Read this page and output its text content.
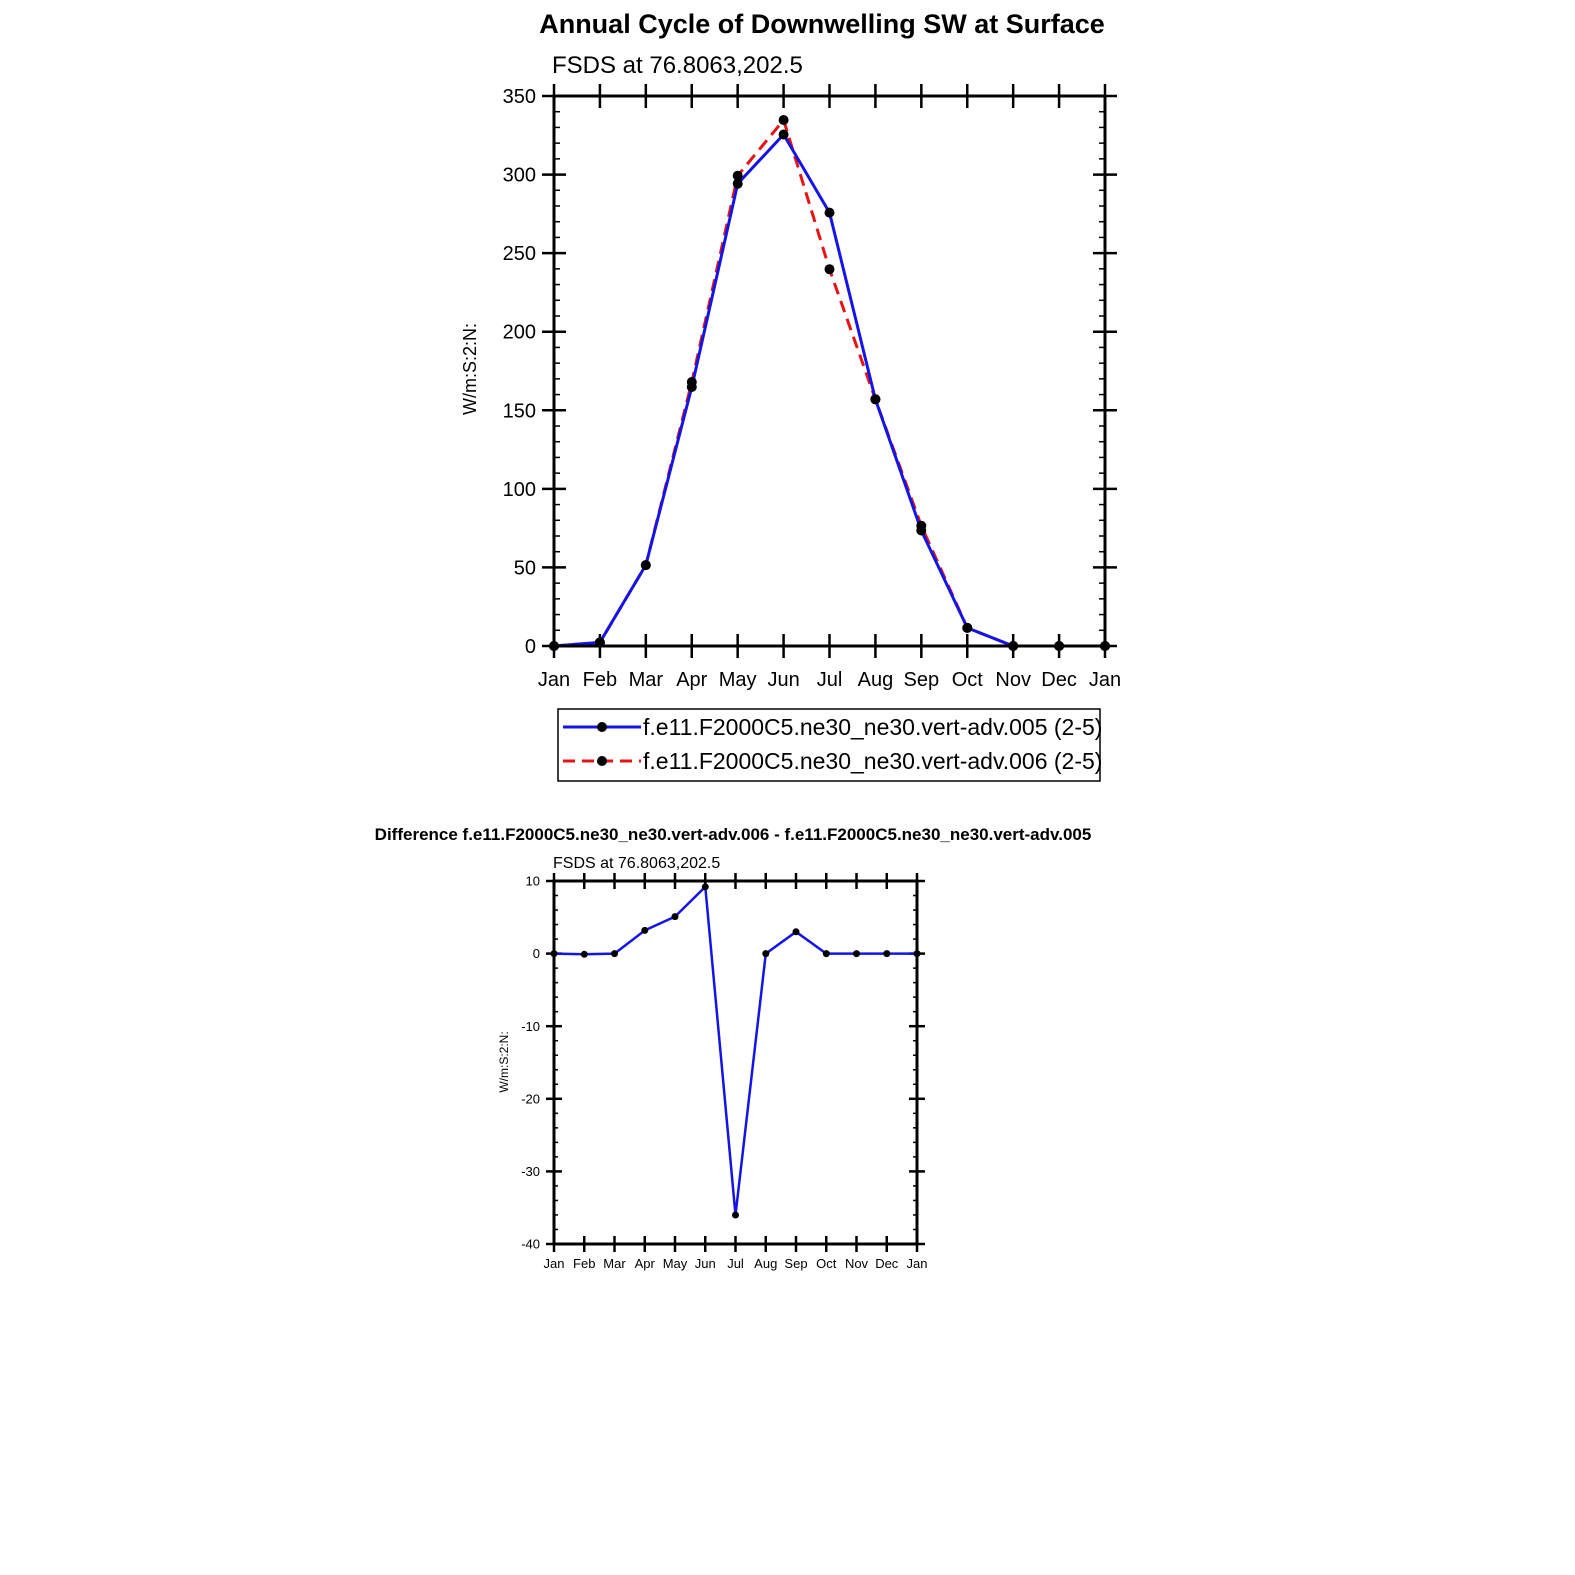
Annual Cycle of Downwelling SW at Surface
FSDS at 76.8063,202.5
W/m:S:2:N:
0
50
100
150
200
250
300
350
Jan Feb Mar Apr May Jun Jul Aug Sep Oct Nov Dec Jan
f.e11.F2000C5.ne30_ne30.vert-adv.005 (2-5)
f.e11.F2000C5.ne30_ne30.vert-adv.006 (2-5)
Difference f.e11.F2000C5.ne30_ne30.vert-adv.006 - f.e11.F2000C5.ne30_ne30.vert-adv.005
FSDS at 76.8063,202.5
W/m:S:2:N:
-40
-30
-20
-10
0
10
Jan Feb Mar Apr May Jun Jul Aug Sep Oct Nov Dec Jan
